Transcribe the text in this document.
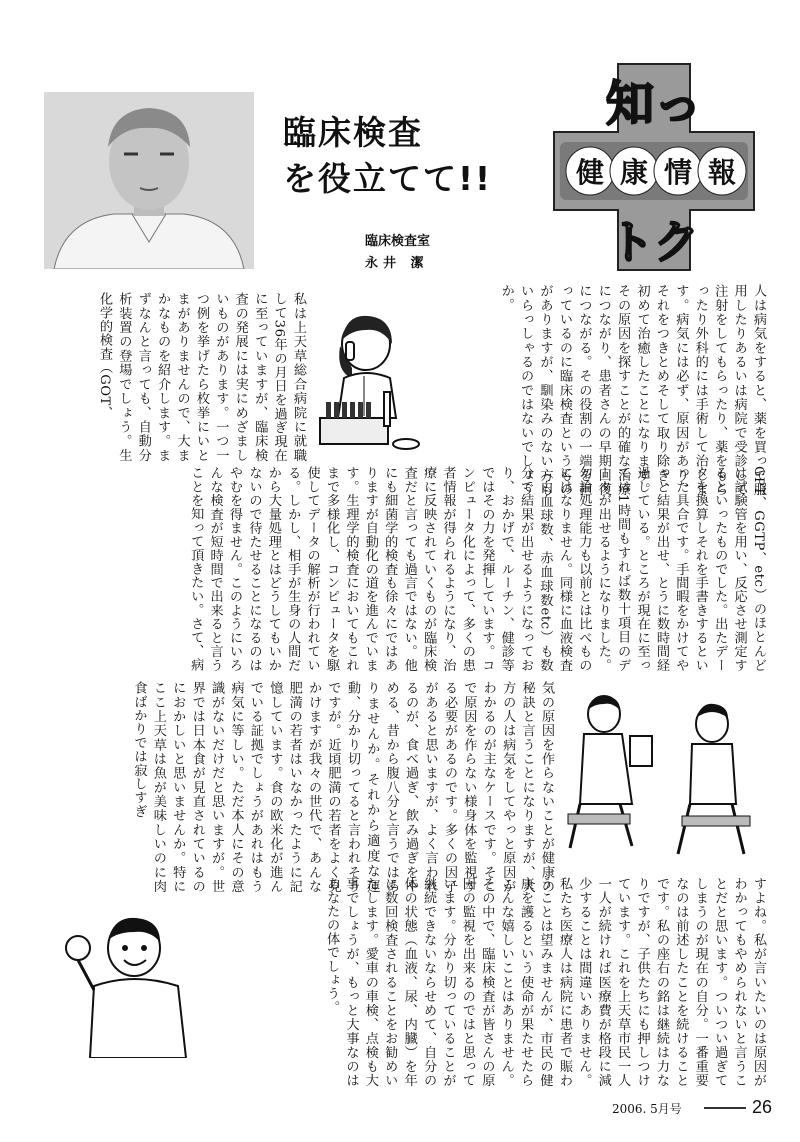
臨床検査
を役立てて!!
知っ
健 康 情 報
トク
臨床検査室
永井 潔
人は病気をすると、薬を買って服用したりあるいは病院で受診して注射をしてもらったり、薬をもらったり外科的には手術して治します。病気には必ず、原因があり、それをつきとめそして取り除き、初めて治癒したことになります。その原因を探すことが的確な治療につながり、患者さんの早期回復につながる。その役割の一端を担っているのに臨床検査というものがありますが、馴染みのない方もいらっしゃるのではないでしょうか。
私は上天草総合病院に就職して36年の月日を過ぎ現在に至っていますが、臨床検査の発展には実にめざましいものがあります。一つ一つ例を挙げたら枚挙にいとまがありませんので、大まかなものを紹介します。まずなんと言っても、自動分析装置の登場でしょう。生化学的検査（GOT、
GPT、GGTP、etc）のほとんどは試験管を用い、反応させ測定するといったものでした。出たデータを換算しそれを手書きするといった具合です。手間暇をかけてやっと結果が出せ、とうに数時間経過している。ところが現在に至っては1時間もすれば数十項目のデータが出せるようになりました。勿論処理能力も以前とは比べものにはなりません。同様に血液検査（白血球数、赤血球数etc）も数分で結果が出せるようになっており、おかげで、ルーチン、健診等ではその力を発揮しています。コンピュータ化によって、多くの患者情報が得られるようになり、治療に反映されていくものが臨床検査だと言っても過言ではない。他にも細菌学的検査も徐々にではありますが自動化の道を進んでいます。生理学的検査においてもこれまで多様化し、コンピュータを駆使してデータの解析が行われている。しかし、相手が生身の人間だから大量処理とはどうしてもいかないので待たせることになるのはやむを得ません。このようにいろんな検査が短時間で出来ると言うことを知って頂きたい。さて、病
気の原因を作らないことが健康の秘訣と言うことになりますが、大方の人は病気をしてやっと原因がわかるのが主なケースです。そこで原因を作らない様身体を監視する必要があるのです。多くの因子があると思いますが、よく言われるのが、食べ過ぎ、飲み過ぎをやめる、昔から腹八分と言うではありませんか。それから適度な運動、分かり切ってると言われそうですが。近頃肥満の若者をよく見かけますが我々の世代で、あんな肥満の若者はいなかったように記憶しています。食の欧米化が進んでいる証拠でしょうがあれはもう病気に等しい。ただ本人にその意識がないだけだと思いますが。世界では日本食が見直されているのにおかしいと思いませんか。特にここ上天草は魚が美味しいのに肉食ばかりでは寂しすぎ
すよね。私が言いたいのは原因がわかってもやめられないと言うことだと思います。ついつい過ぎてしまうのが現在の自分。一番重要なのは前述したことを続けることです。私の座右の銘は継続は力なりですが、子供たちにも押しつけています。これを上天草市民一人一人が続ければ医療費が格段に減少することは間違いありません。私たち医療人は病院に患者で賑わうことは望みませんが、市民の健康を護るという使命が果たせたらこんな嬉しいことはありません。その中で、臨床検査が皆さんの原因の監視を出来るのではと思っています。分かり切っていることが継続できないならせめて、自分の体の状態（血液、尿、内臓）を年に数回検査されることをお勧めいたします。愛車の車検、点検も大事でしょうが、もっと大事なのはあなたの体でしょう。
2006. 5月号	26
